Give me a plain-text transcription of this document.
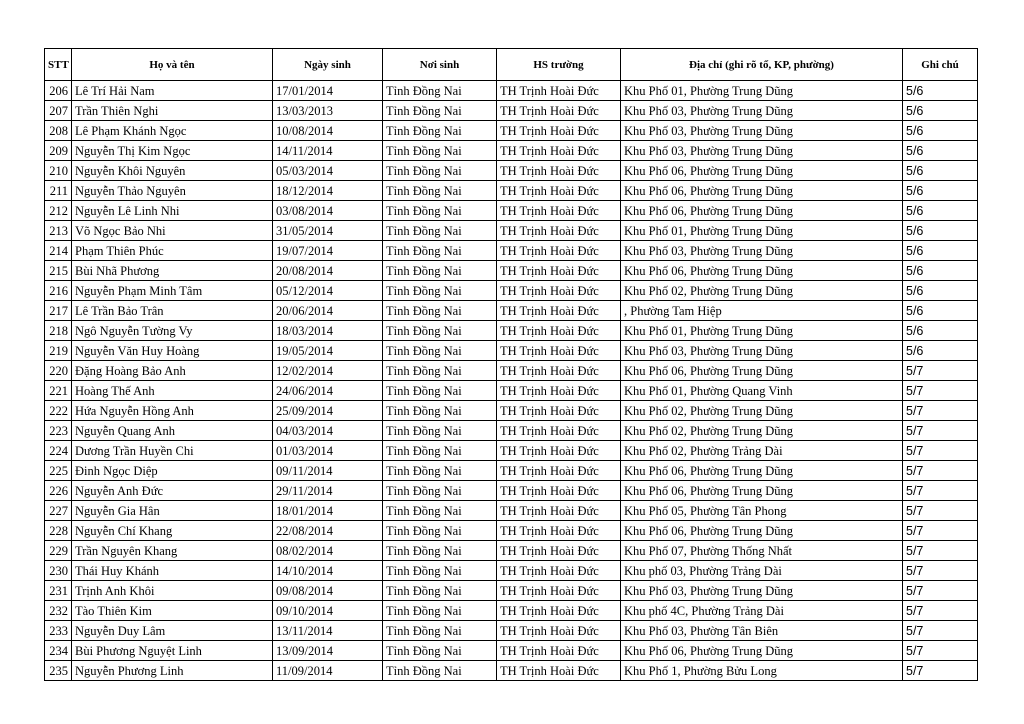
STT	Họ và tên	Ngày sinh	Nơi sinh	HS trường	Địa chỉ (ghi rõ tổ, KP, phường)	Ghi chú
206	Lê Trí Hải Nam	17/01/2014	Tỉnh Đồng Nai	TH Trịnh Hoài Đức	Khu Phố 01, Phường Trung Dũng	5/6
207	Trần Thiên Nghi	13/03/2013	Tỉnh Đồng Nai	TH Trịnh Hoài Đức	Khu Phố 03, Phường Trung Dũng	5/6
208	Lê Phạm Khánh Ngọc	10/08/2014	Tỉnh Đồng Nai	TH Trịnh Hoài Đức	Khu Phố 03, Phường Trung Dũng	5/6
209	Nguyễn Thị Kim Ngọc	14/11/2014	Tỉnh Đồng Nai	TH Trịnh Hoài Đức	Khu Phố 03, Phường Trung Dũng	5/6
210	Nguyễn Khôi Nguyên	05/03/2014	Tỉnh Đồng Nai	TH Trịnh Hoài Đức	Khu Phố 06, Phường Trung Dũng	5/6
211	Nguyễn Thảo Nguyên	18/12/2014	Tỉnh Đồng Nai	TH Trịnh Hoài Đức	Khu Phố 06, Phường Trung Dũng	5/6
212	Nguyễn Lê Linh Nhi	03/08/2014	Tỉnh Đồng Nai	TH Trịnh Hoài Đức	Khu Phố 06, Phường Trung Dũng	5/6
213	Võ Ngọc Bảo Nhi	31/05/2014	Tỉnh Đồng Nai	TH Trịnh Hoài Đức	Khu Phố 01, Phường Trung Dũng	5/6
214	Phạm Thiên Phúc	19/07/2014	Tỉnh Đồng Nai	TH Trịnh Hoài Đức	Khu Phố 03, Phường Trung Dũng	5/6
215	Bùi Nhã Phương	20/08/2014	Tỉnh Đồng Nai	TH Trịnh Hoài Đức	Khu Phố 06, Phường Trung Dũng	5/6
216	Nguyễn Phạm Minh Tâm	05/12/2014	Tỉnh Đồng Nai	TH Trịnh Hoài Đức	Khu Phố 02, Phường Trung Dũng	5/6
217	Lê Trần Bảo Trân	20/06/2014	Tỉnh Đồng Nai	TH Trịnh Hoài Đức	, Phường Tam Hiệp	5/6
218	Ngô Nguyễn Tường Vy	18/03/2014	Tỉnh Đồng Nai	TH Trịnh Hoài Đức	Khu Phố 01, Phường Trung Dũng	5/6
219	Nguyễn Văn Huy Hoàng	19/05/2014	Tỉnh Đồng Nai	TH Trịnh Hoài Đức	Khu Phố 03, Phường Trung Dũng	5/6
220	Đặng Hoàng Bảo Anh	12/02/2014	Tỉnh Đồng Nai	TH Trịnh Hoài Đức	Khu Phố 06, Phường Trung Dũng	5/7
221	Hoàng Thế Anh	24/06/2014	Tỉnh Đồng Nai	TH Trịnh Hoài Đức	Khu Phố 01, Phường Quang Vinh	5/7
222	Hứa Nguyễn Hồng Anh	25/09/2014	Tỉnh Đồng Nai	TH Trịnh Hoài Đức	Khu Phố 02, Phường Trung Dũng	5/7
223	Nguyễn Quang Anh	04/03/2014	Tỉnh Đồng Nai	TH Trịnh Hoài Đức	Khu Phố 02, Phường Trung Dũng	5/7
224	Dương Trần Huyền Chi	01/03/2014	Tỉnh Đồng Nai	TH Trịnh Hoài Đức	Khu Phố 02, Phường Trảng Dài	5/7
225	Đinh Ngọc Diệp	09/11/2014	Tỉnh Đồng Nai	TH Trịnh Hoài Đức	Khu Phố 06, Phường Trung Dũng	5/7
226	Nguyễn Anh Đức	29/11/2014	Tỉnh Đồng Nai	TH Trịnh Hoài Đức	Khu Phố 06, Phường Trung Dũng	5/7
227	Nguyễn Gia Hân	18/01/2014	Tỉnh Đồng Nai	TH Trịnh Hoài Đức	Khu Phố 05, Phường Tân Phong	5/7
228	Nguyễn Chí Khang	22/08/2014	Tỉnh Đồng Nai	TH Trịnh Hoài Đức	Khu Phố 06, Phường Trung Dũng	5/7
229	Trần Nguyên Khang	08/02/2014	Tỉnh Đồng Nai	TH Trịnh Hoài Đức	Khu Phố 07, Phường Thống Nhất	5/7
230	Thái Huy Khánh	14/10/2014	Tỉnh Đồng Nai	TH Trịnh Hoài Đức	Khu phố 03, Phường Trảng Dài	5/7
231	Trịnh Anh Khôi	09/08/2014	Tỉnh Đồng Nai	TH Trịnh Hoài Đức	Khu Phố 03, Phường Trung Dũng	5/7
232	Tào Thiên Kim	09/10/2014	Tỉnh Đồng Nai	TH Trịnh Hoài Đức	Khu phố 4C, Phường Trảng Dài	5/7
233	Nguyễn Duy Lâm	13/11/2014	Tỉnh Đồng Nai	TH Trịnh Hoài Đức	Khu Phố 03, Phường Tân Biên	5/7
234	Bùi Phương Nguyệt Linh	13/09/2014	Tỉnh Đồng Nai	TH Trịnh Hoài Đức	Khu Phố 06, Phường Trung Dũng	5/7
235	Nguyễn Phương Linh	11/09/2014	Tỉnh Đồng Nai	TH Trịnh Hoài Đức	Khu Phố 1, Phường Bửu Long	5/7
